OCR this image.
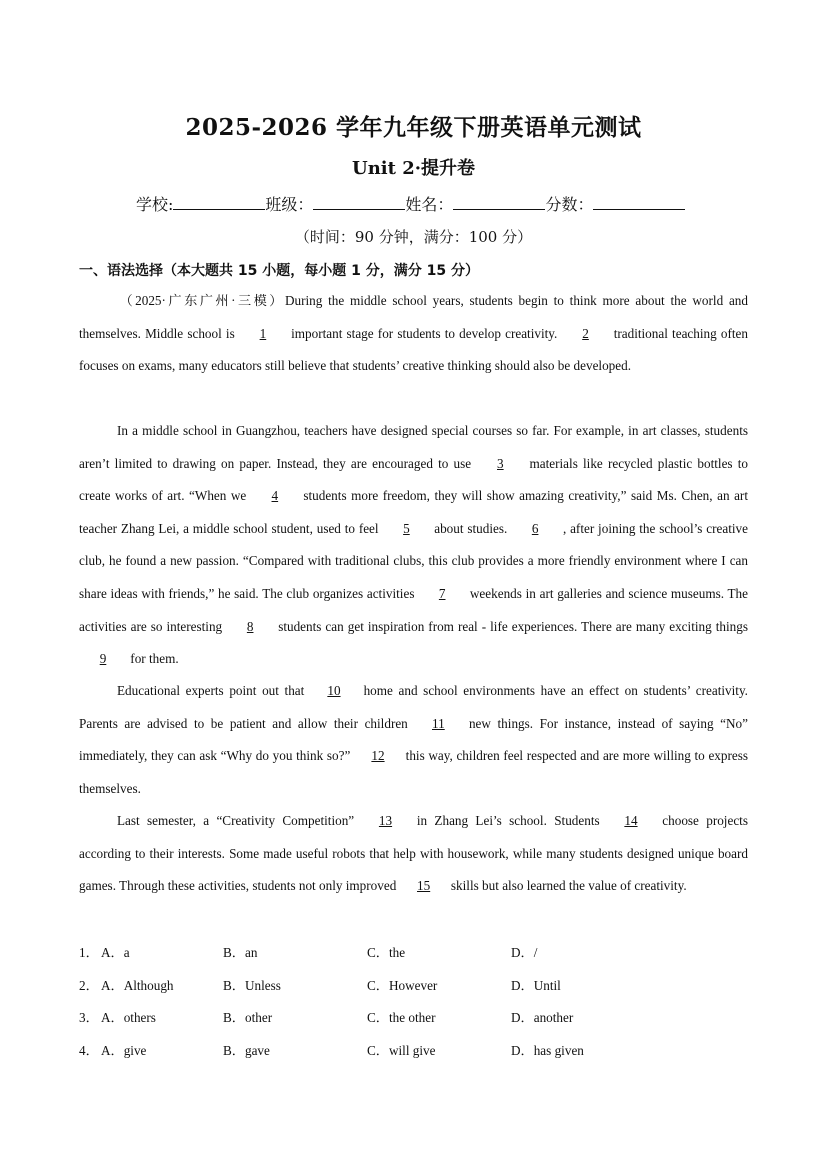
2025-2026 学年九年级下册英语单元测试
Unit 2·提升卷
学校:	班级：	姓名：	分数：
（时间：90 分钟，满分：100 分）
一、语法选择（本大题共 15 小题，每小题 1 分，满分 15 分）
（2025·广东广州·三模）During the middle school years, students begin to think more about the world and themselves. Middle school is 1 important stage for students to develop creativity. 2 traditional teaching often focuses on exams, many educators still believe that students’ creative thinking should also be developed.
In a middle school in Guangzhou, teachers have designed special courses so far. For example, in art classes, students aren’t limited to drawing on paper. Instead, they are encouraged to use 3 materials like recycled plastic bottles to create works of art. “When we 4 students more freedom, they will show amazing creativity,” said Ms. Chen, an art teacher Zhang Lei, a middle school student, used to feel 5 about studies. 6 , after joining the school’s creative club, he found a new passion. “Compared with traditional clubs, this club provides a more friendly environment where I can share ideas with friends,” he said. The club organizes activities 7 weekends in art galleries and science museums. The activities are so interesting 8 students can get inspiration from real - life experiences. There are many exciting things 9 for them.
Educational experts point out that 10 home and school environments have an effect on students’ creativity. Parents are advised to be patient and allow their children 11 new things. For instance, instead of saying “No” immediately, they can ask “Why do you think so?” 12 this way, children feel respected and are more willing to express themselves.
Last semester, a “Creativity Competition” 13 in Zhang Lei’s school. Students 14 choose projects according to their interests. Some made useful robots that help with housework, while many students designed unique board games. Through these activities, students not only improved 15 skills but also learned the value of creativity.
1． A．a	B．an	C．the	D．/
2． A．Although	B．Unless	C．However	D．Until
3． A．others	B．other	C．the other	D．another
4． A．give	B．gave	C．will give	D．has given
